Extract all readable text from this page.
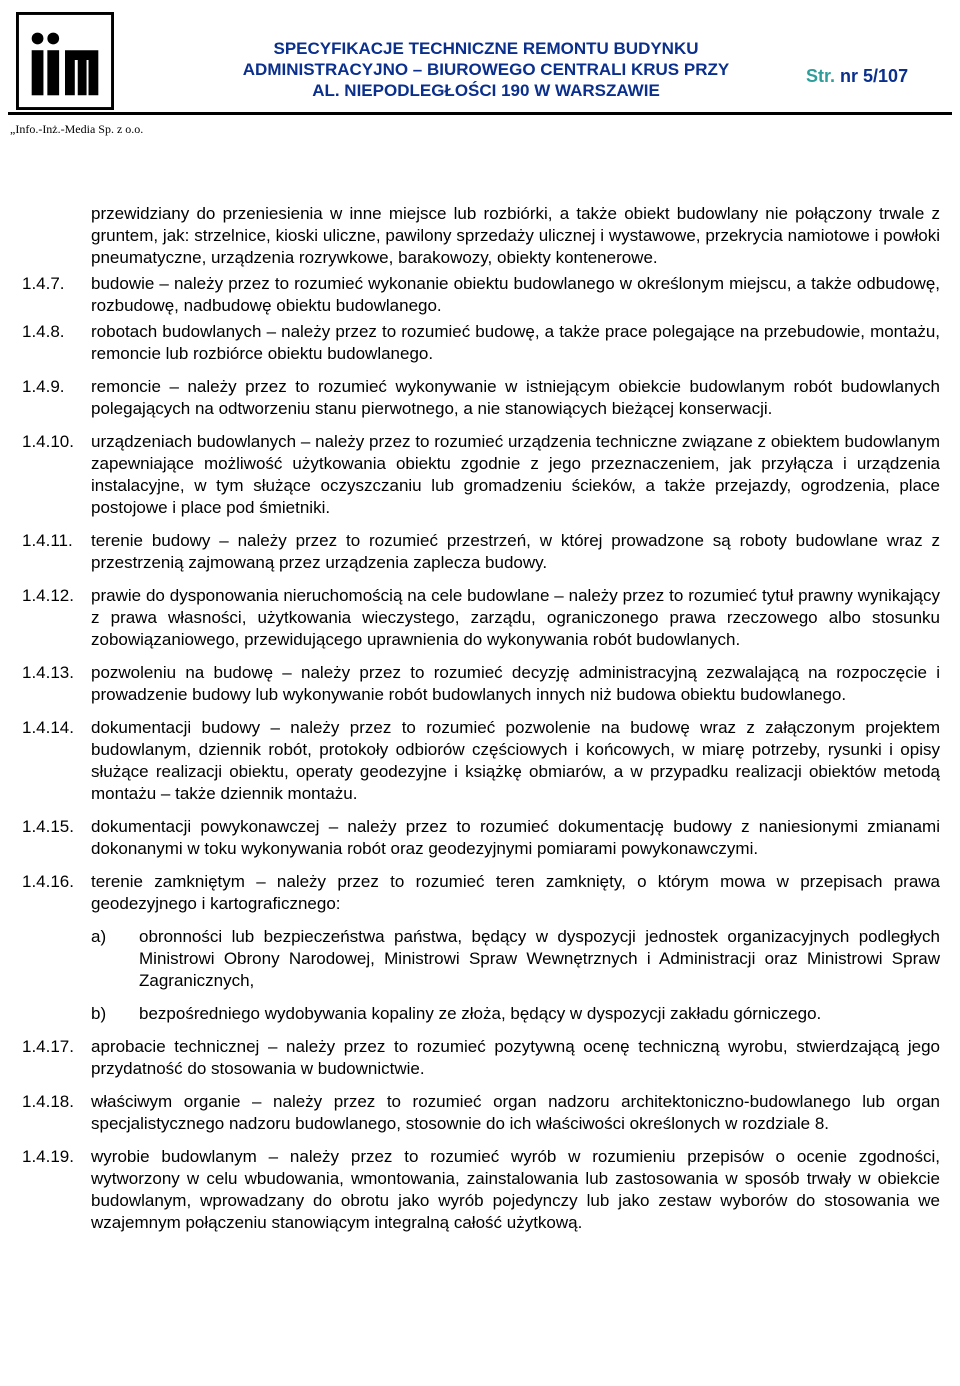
„Info.-Inż.-Media Sp. z o.o.
SPECYFIKACJE TECHNICZNE REMONTU BUDYNKU
ADMINISTRACYJNO – BIUROWEGO CENTRALI KRUS PRZY
AL. NIEPODLEGŁOŚCI 190 W WARSZAWIE
Str. nr 5/107
przewidziany do przeniesienia w inne miejsce lub rozbiórki, a także obiekt budowlany nie połączony trwale z gruntem, jak: strzelnice, kioski uliczne, pawilony sprzedaży ulicznej i wystawowe, przekrycia namiotowe i powłoki pneumatyczne, urządzenia rozrywkowe, barakowozy, obiekty kontenerowe.
1.4.7.	budowie – należy przez to rozumieć wykonanie obiektu budowlanego w określonym miejscu, a także odbudowę, rozbudowę, nadbudowę obiektu budowlanego.
1.4.8.	robotach budowlanych – należy przez to rozumieć budowę, a także prace polegające na przebudowie, montażu, remoncie lub rozbiórce obiektu budowlanego.
1.4.9.	remoncie – należy przez to rozumieć wykonywanie w istniejącym obiekcie budowlanym robót budowlanych polegających na odtworzeniu stanu pierwotnego, a nie stanowiących bieżącej konserwacji.
1.4.10.	urządzeniach budowlanych – należy przez to rozumieć urządzenia techniczne związane z obiektem budowlanym zapewniające możliwość użytkowania obiektu zgodnie z jego przeznaczeniem, jak przyłącza i urządzenia instalacyjne, w tym służące oczyszczaniu lub gromadzeniu ścieków, a także przejazdy, ogrodzenia, place postojowe i place pod śmietniki.
1.4.11.	terenie budowy – należy przez to rozumieć przestrzeń, w której prowadzone są roboty budowlane wraz z przestrzenią zajmowaną przez urządzenia zaplecza budowy.
1.4.12.	prawie do dysponowania nieruchomością na cele budowlane – należy przez to rozumieć tytuł prawny wynikający z prawa własności, użytkowania wieczystego, zarządu, ograniczonego prawa rzeczowego albo stosunku zobowiązaniowego, przewidującego uprawnienia do wykonywania robót budowlanych.
1.4.13.	pozwoleniu na budowę – należy przez to rozumieć decyzję administracyjną zezwalającą na rozpoczęcie i prowadzenie budowy lub wykonywanie robót budowlanych innych niż budowa obiektu budowlanego.
1.4.14.	dokumentacji budowy – należy przez to rozumieć pozwolenie na budowę wraz z załączonym projektem budowlanym, dziennik robót, protokoły odbiorów częściowych i końcowych, w miarę potrzeby, rysunki i opisy służące realizacji obiektu, operaty geodezyjne i książkę obmiarów, a w przypadku realizacji obiektów metodą montażu – także dziennik montażu.
1.4.15.	dokumentacji powykonawczej – należy przez to rozumieć dokumentację budowy z naniesionymi zmianami dokonanymi w toku wykonywania robót oraz geodezyjnymi pomiarami powykonawczymi.
1.4.16.	terenie zamkniętym – należy przez to rozumieć teren zamknięty, o którym mowa w przepisach prawa geodezyjnego i kartograficznego:
a)	obronności lub bezpieczeństwa państwa, będący w dyspozycji jednostek organizacyjnych podległych Ministrowi Obrony Narodowej, Ministrowi Spraw Wewnętrznych i Administracji oraz Ministrowi Spraw Zagranicznych,
b)	bezpośredniego wydobywania kopaliny ze złoża, będący w dyspozycji zakładu górniczego.
1.4.17.	aprobacie technicznej – należy przez to rozumieć pozytywną ocenę techniczną wyrobu, stwierdzającą jego przydatność do stosowania w budownictwie.
1.4.18.	właściwym organie – należy przez to rozumieć organ nadzoru architektoniczno-budowlanego lub organ specjalistycznego nadzoru budowlanego, stosownie do ich właściwości określonych w rozdziale 8.
1.4.19.	wyrobie budowlanym – należy przez to rozumieć wyrób w rozumieniu przepisów o ocenie zgodności, wytworzony w celu wbudowania, wmontowania, zainstalowania lub zastosowania w sposób trwały w obiekcie budowlanym, wprowadzany do obrotu jako wyrób pojedynczy lub jako zestaw wyborów do stosowania we wzajemnym połączeniu stanowiącym integralną całość użytkową.
